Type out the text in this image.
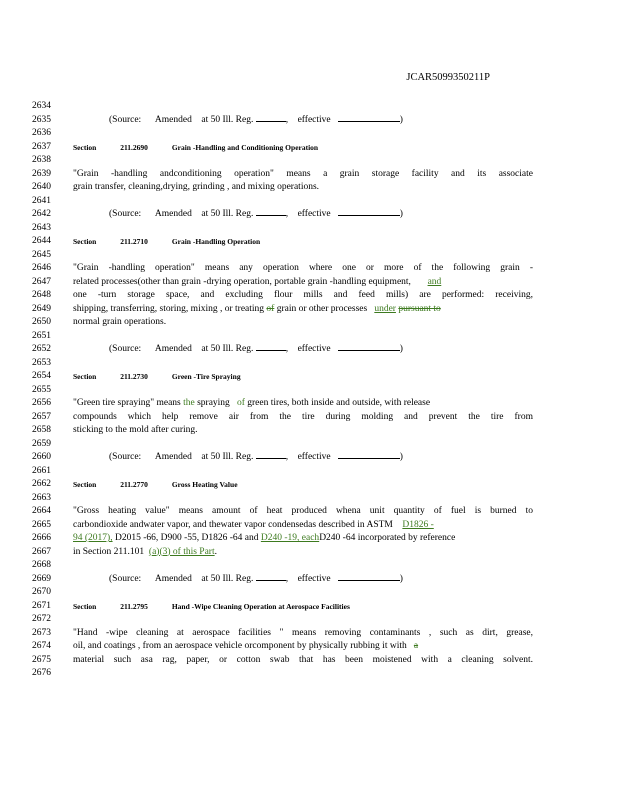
JCAR5099350211P
2634
2635
2636
2637
2638
2639
2640
2641
2642
2643
2644
2645
2646
2647
2648
2649
2650
2651
2652
2653
2654
2655
2656
2657
2658
2659
2660
2661
2662
2663
2664
2665
2666
2667
2668
2669
2670
2671
2672
2673
2674
2675
2676
(Source: Amended at 50 Ill. Reg.	,    effective	)
Section	211.2690	Grain -Handling and Conditioning Operation
"Grain -handling andconditioning operation" means a grain storage facility and its associate
grain transfer, cleaning,drying, grinding , and mixing operations.
(Source: Amended at 50 Ill. Reg.	,    effective	)
Section	211.2710	Grain -Handling Operation
"Grain -handling operation" means any operation where one or more of the following grain -
related processes(other than grain -drying operation, portable grain -handling equipment, and
one -turn storage space, and excluding flour mills and feed mills) are performed: receiving,
shipping, transferring, storing, mixing , or treating of grain or other processes under pursuant to
normal grain operations.
(Source: Amended at 50 Ill. Reg.	,    effective	)
Section	211.2730	Green -Tire Spraying
"Green tire spraying" means the spraying of green tires, both inside and outside, with release
compounds which help remove air from the tire during molding and prevent the tire from
sticking to the mold after curing.
(Source: Amended at 50 Ill. Reg.	,    effective	)
Section	211.2770	Gross Heating Value
"Gross heating value" means amount of heat produced whena unit quantity of fuel is burned to
carbondioxide andwater vapor, and thewater vapor condensedas described in ASTM D1826 -
94 (2017), D2015 -66, D900 -55, D1826 -64 and D240 -19, eachD240 -64 incorporated by reference
in Section 211.101 (a)(3) of this Part.
(Source: Amended at 50 Ill. Reg.	,    effective	)
Section	211.2795	Hand -Wipe Cleaning Operation at Aerospace Facilities
"Hand -wipe cleaning at aerospace facilities " means removing contaminants , such as dirt, grease,
oil, and coatings , from an aerospace vehicle orcomponent by physically rubbing it with a
material such asa rag, paper, or cotton swab that has been moistened with a cleaning solvent.
